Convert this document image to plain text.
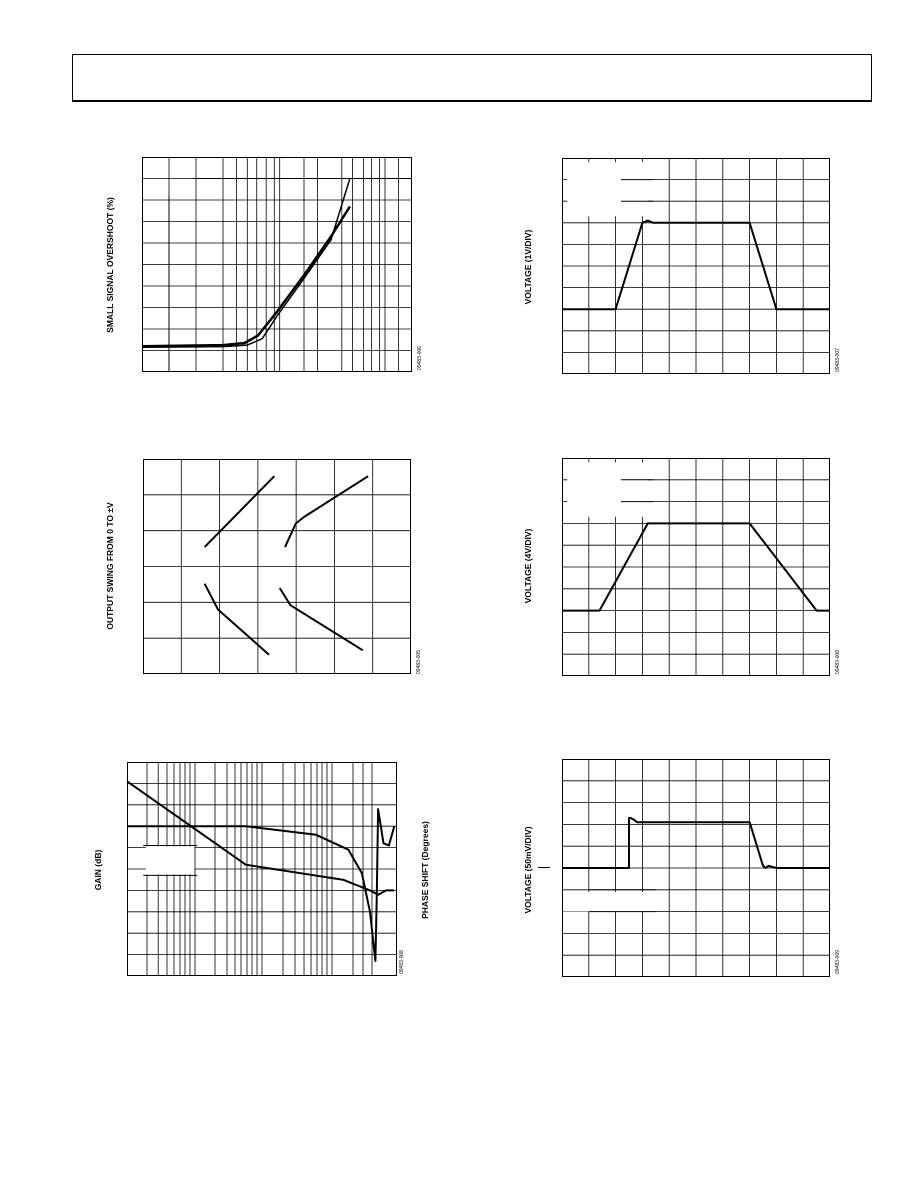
SMALL SIGNAL OVERSHOOT (%)
09483-006
OUTPUT SWING FROM 0 TO ±V
09483-005
GAIN (dB)	PHASE SHIFT (Degrees)
09483-008
VOLTAGE (1V/DIV)
09483-007
VOLTAGE (4V/DIV)
09483-008
VOLTAGE (50mV/DIV)
09483-009
